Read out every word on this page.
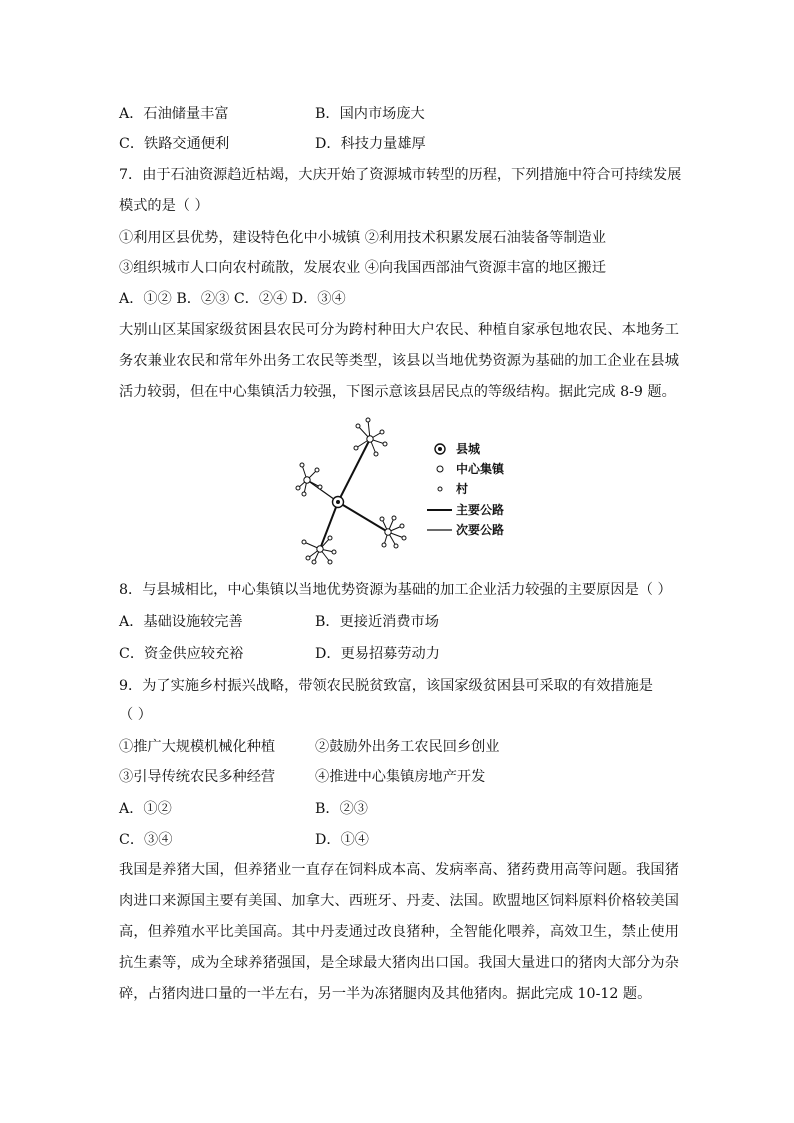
A．石油储量丰富	B．国内市场庞大
C．铁路交通便利	D．科技力量雄厚
7．由于石油资源趋近枯竭，大庆开始了资源城市转型的历程，下列措施中符合可持续发展
模式的是（ ）
①利用区县优势，建设特色化中小城镇 ②利用技术积累发展石油装备等制造业
③组织城市人口向农村疏散，发展农业 ④向我国西部油气资源丰富的地区搬迁
A．①② B．②③ C．②④ D．③④
大别山区某国家级贫困县农民可分为跨村种田大户农民、种植自家承包地农民、本地务工务农兼业农民和常年外出务工农民等类型，该县以当地优势资源为基础的加工企业在县城活力较弱，但在中心集镇活力较强，下图示意该县居民点的等级结构。据此完成 8-9 题。
县城
中心集镇
村
主要公路
次要公路
8．与县城相比，中心集镇以当地优势资源为基础的加工企业活力较强的主要原因是（ ）
A．基础设施较完善	B．更接近消费市场
C．资金供应较充裕	D．更易招募劳动力
9．为了实施乡村振兴战略，带领农民脱贫致富，该国家级贫困县可采取的有效措施是
（ ）
①推广大规模机械化种植	②鼓励外出务工农民回乡创业
③引导传统农民多种经营	④推进中心集镇房地产开发
A．①②	B．②③
C．③④	D．①④
我国是养猪大国，但养猪业一直存在饲料成本高、发病率高、猪药费用高等问题。我国猪肉进口来源国主要有美国、加拿大、西班牙、丹麦、法国。欧盟地区饲料原料价格较美国高，但养殖水平比美国高。其中丹麦通过改良猪种，全智能化喂养，高效卫生，禁止使用抗生素等，成为全球养猪强国，是全球最大猪肉出口国。我国大量进口的猪肉大部分为杂碎，占猪肉进口量的一半左右，另一半为冻猪腿肉及其他猪肉。据此完成 10-12 题。
